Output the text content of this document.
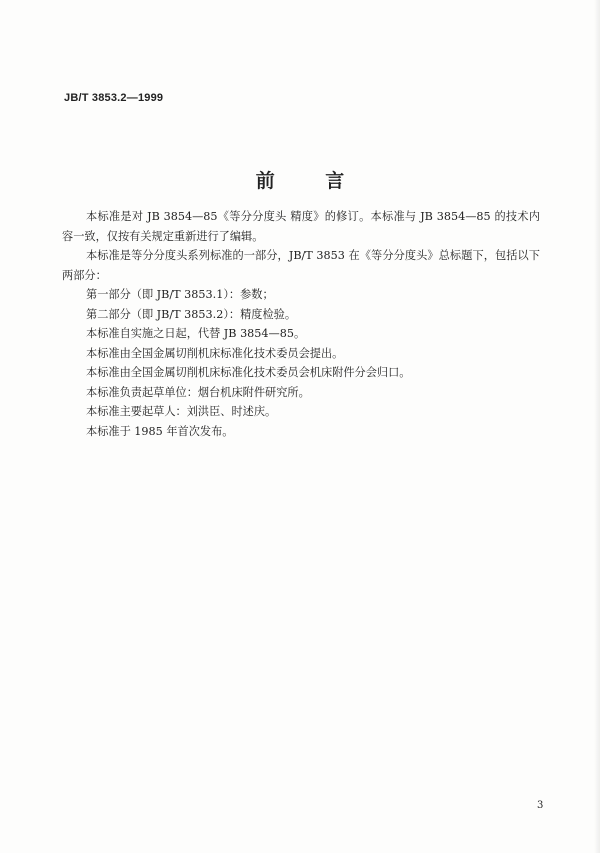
JB/T 3853.2—1999
前 言

本标准是对 JB 3854—85《等分分度头 精度》的修订。本标准与 JB 3854—85 的技术内容一致，仅按有关规定重新进行了编辑。

本标准是等分分度头系列标准的一部分，JB/T 3853 在《等分分度头》总标题下，包括以下两部分：

第一部分（即 JB/T 3853.1）：参数；

第二部分（即 JB/T 3853.2）：精度检验。

本标准自实施之日起，代替 JB 3854—85。

本标准由全国金属切削机床标准化技术委员会提出。

本标准由全国金属切削机床标准化技术委员会机床附件分会归口。

本标准负责起草单位：烟台机床附件研究所。

本标准主要起草人：刘洪臣、时述庆。

本标准于 1985 年首次发布。

3
